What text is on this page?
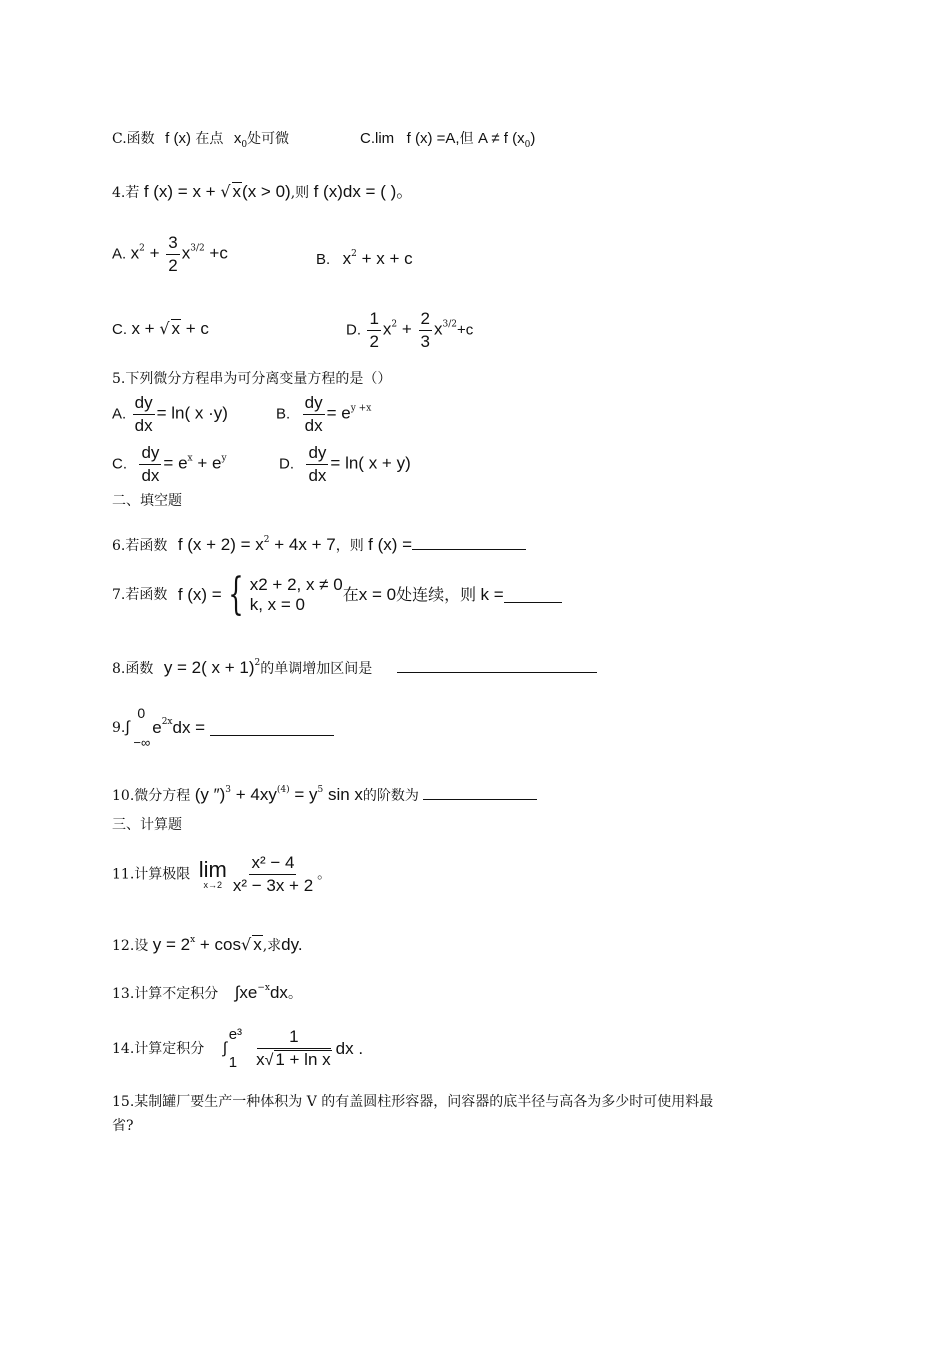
C.函数 f (x) 在点 $x_0$处可微	C.lim f (x) =A,但 A ≠ f $(x_0)$
4.若 f (x) = x + √ x(x > 0),则 f (x)dx = ( )。
A. $x^2 + \frac{3}{2} x^{3/2} +c$	B. $x^2 + x + c$
C. x + √ x + c	D. $\frac{1}{2} x^2 + \frac{2}{3} x^{3/2}+c$
5.下列微分方程串为可分离变量方程的是（）
A. $\frac{dy}{dx} = \ln$( x ·y)	B. $\frac{dy}{dx} = e^{y +x}$
C. $\frac{dy}{dx} = e^x + e^y$	D. $\frac{dy}{dx} = \ln$( x + y)
二、填空题
6.若函数 f $(x + 2) = x^2 + 4x + 7$，则 f (x) =
7.若函数 f (x) = { x2 + 2, x ≠ 0
k, x = 0
在x = 0处连续，则 k =
8.函数 y = 2( x + 1)$^2$的单调增加区间是
9.
0
∫
−∞
$e^{2x}dx$ =
10.微分方程 (y $'')^3 + 4xy^{(4)} = y^5$ sin x的阶数为
三、计算题
11.计算极限 lim
$x\to 2 \frac{\text{x² − 4}}{\text{x² − 3x + 2}}$ 。
12.设 $y = 2^x + \cos√$ x,求dy.
13.计算不定积分 $\int xe^{-x}dx$。
14.计算定积分
e³
∫
$1 \frac{1}{\text{x√ 1 + ln x}}$ dx .
15.某制罐厂要生产一种体积为 V 的有盖圆柱形容器，问容器的底半径与高各为多少时可使用料最
省?
